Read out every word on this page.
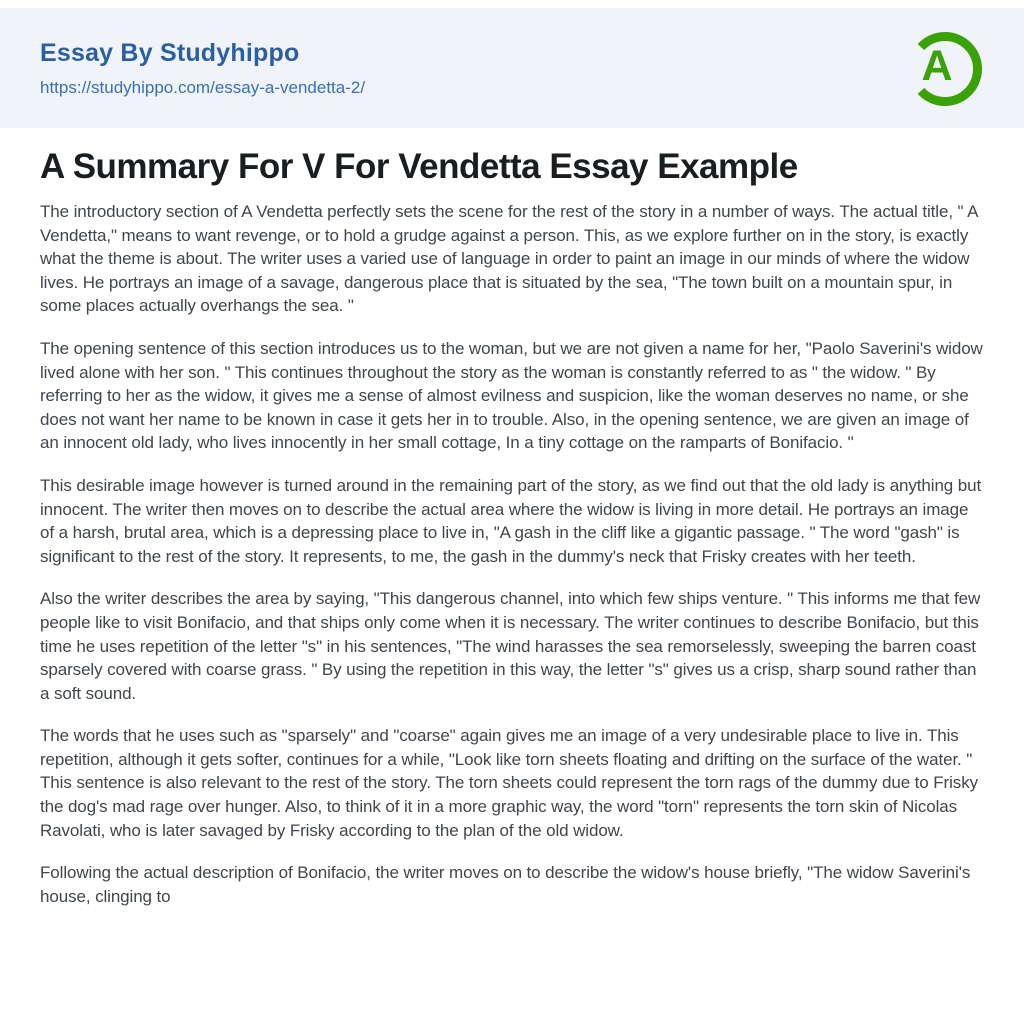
Essay By Studyhippo
https://studyhippo.com/essay-a-vendetta-2/	A
A Summary For V For Vendetta Essay Example

The introductory section of A Vendetta perfectly sets the scene for the rest of the story in a number of ways. The actual title, " A Vendetta," means to want revenge, or to hold a grudge against a person. This, as we explore further on in the story, is exactly what the theme is about. The writer uses a varied use of language in order to paint an image in our minds of where the widow lives. He portrays an image of a savage, dangerous place that is situated by the sea, "The town built on a mountain spur, in some places actually overhangs the sea. "

The opening sentence of this section introduces us to the woman, but we are not given a name for her, "Paolo Saverini's widow lived alone with her son. " This continues throughout the story as the woman is constantly referred to as " the widow. " By referring to her as the widow, it gives me a sense of almost evilness and suspicion, like the woman deserves no name, or she does not want her name to be known in case it gets her in to trouble. Also, in the opening sentence, we are given an image of an innocent old lady, who lives innocently in her small cottage, In a tiny cottage on the ramparts of Bonifacio. "

This desirable image however is turned around in the remaining part of the story, as we find out that the old lady is anything but innocent. The writer then moves on to describe the actual area where the widow is living in more detail. He portrays an image of a harsh, brutal area, which is a depressing place to live in, "A gash in the cliff like a gigantic passage. " The word "gash" is significant to the rest of the story. It represents, to me, the gash in the dummy's neck that Frisky creates with her teeth.

Also the writer describes the area by saying, "This dangerous channel, into which few ships venture. " This informs me that few people like to visit Bonifacio, and that ships only come when it is necessary. The writer continues to describe Bonifacio, but this time he uses repetition of the letter "s" in his sentences, "The wind harasses the sea remorselessly, sweeping the barren coast sparsely covered with coarse grass. " By using the repetition in this way, the letter "s" gives us a crisp, sharp sound rather than a soft sound.

The words that he uses such as "sparsely" and "coarse" again gives me an image of a very undesirable place to live in. This repetition, although it gets softer, continues for a while, "Look like torn sheets floating and drifting on the surface of the water. " This sentence is also relevant to the rest of the story. The torn sheets could represent the torn rags of the dummy due to Frisky the dog's mad rage over hunger. Also, to think of it in a more graphic way, the word "torn" represents the torn skin of Nicolas Ravolati, who is later savaged by Frisky according to the plan of the old widow.

Following the actual description of Bonifacio, the writer moves on to describe the widow's house briefly, "The widow Saverini's house, clinging to
